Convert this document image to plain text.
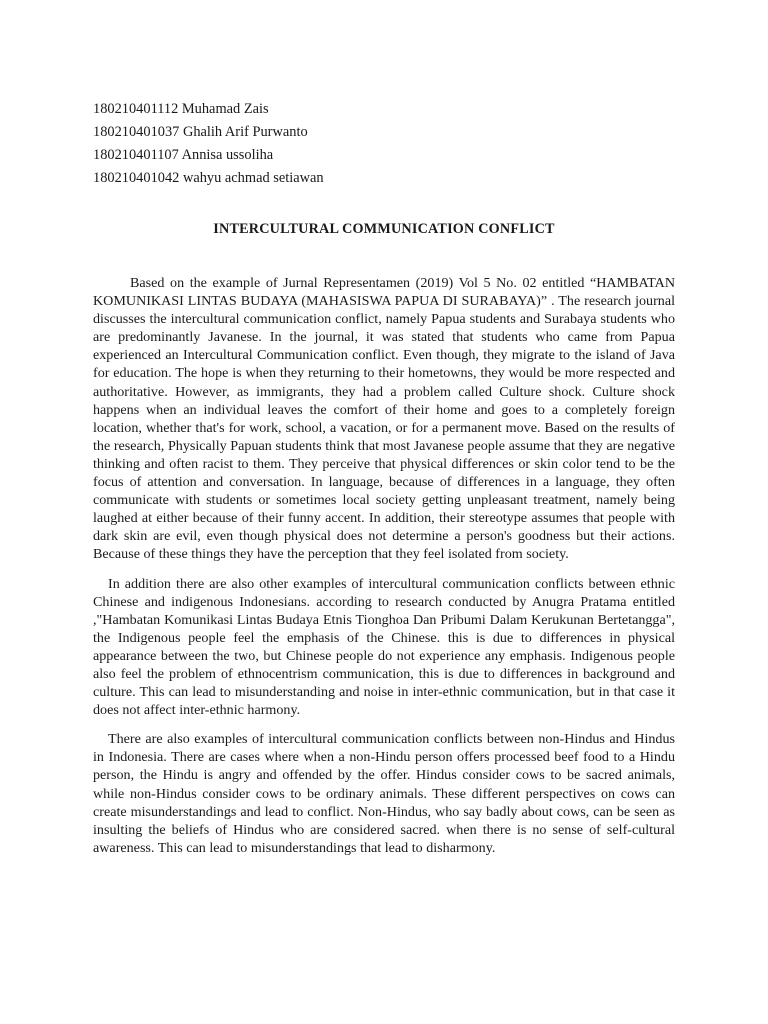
180210401112 Muhamad Zais
180210401037 Ghalih Arif Purwanto
180210401107 Annisa ussoliha
180210401042 wahyu achmad setiawan
INTERCULTURAL COMMUNICATION CONFLICT

Based on the example of Jurnal Representamen (2019) Vol 5 No. 02 entitled “HAMBATAN KOMUNIKASI LINTAS BUDAYA (MAHASISWA PAPUA DI SURABAYA)” . The research journal discusses the intercultural communication conflict, namely Papua students and Surabaya students who are predominantly Javanese. In the journal, it was stated that students who came from Papua experienced an Intercultural Communication conflict. Even though, they migrate to the island of Java for education. The hope is when they returning to their hometowns, they would be more respected and authoritative. However, as immigrants, they had a problem called Culture shock. Culture shock happens when an individual leaves the comfort of their home and goes to a completely foreign location, whether that's for work, school, a vacation, or for a permanent move. Based on the results of the research, Physically Papuan students think that most Javanese people assume that they are negative thinking and often racist to them. They perceive that physical differences or skin color tend to be the focus of attention and conversation. In language, because of differences in a language, they often communicate with students or sometimes local society getting unpleasant treatment, namely being laughed at either because of their funny accent. In addition, their stereotype assumes that people with dark skin are evil, even though physical does not determine a person's goodness but their actions. Because of these things they have the perception that they feel isolated from society.

In addition there are also other examples of intercultural communication conflicts between ethnic Chinese and indigenous Indonesians. according to research conducted by Anugra Pratama entitled ,"Hambatan Komunikasi Lintas Budaya Etnis Tionghoa Dan Pribumi Dalam Kerukunan Bertetangga", the Indigenous people feel the emphasis of the Chinese. this is due to differences in physical appearance between the two, but Chinese people do not experience any emphasis. Indigenous people also feel the problem of ethnocentrism communication, this is due to differences in background and culture. This can lead to misunderstanding and noise in inter-ethnic communication, but in that case it does not affect inter-ethnic harmony.

There are also examples of intercultural communication conflicts between non-Hindus and Hindus in Indonesia. There are cases where when a non-Hindu person offers processed beef food to a Hindu person, the Hindu is angry and offended by the offer. Hindus consider cows to be sacred animals, while non-Hindus consider cows to be ordinary animals. These different perspectives on cows can create misunderstandings and lead to conflict. Non-Hindus, who say badly about cows, can be seen as insulting the beliefs of Hindus who are considered sacred. when there is no sense of self-cultural awareness. This can lead to misunderstandings that lead to disharmony.
